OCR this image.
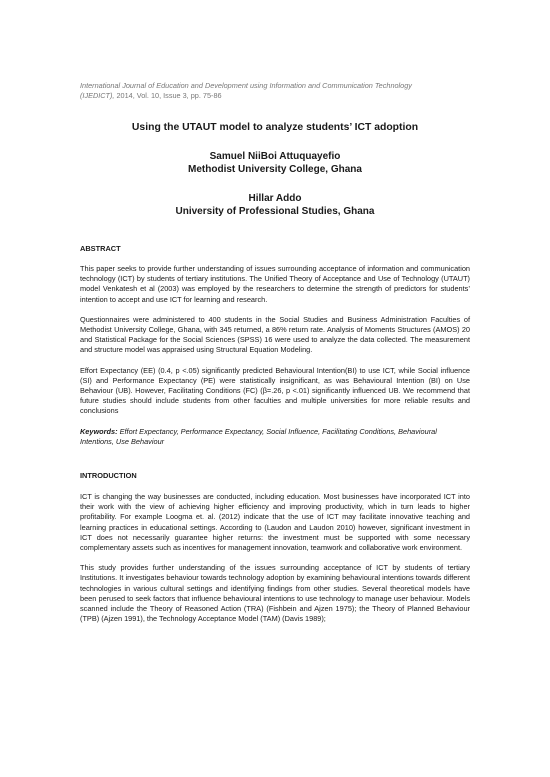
International Journal of Education and Development using Information and Communication Technology
(IJEDICT), 2014, Vol. 10, Issue 3, pp. 75-86

Using the UTAUT model to analyze students’ ICT adoption

Samuel NiiBoi Attuquayefio

Methodist University College, Ghana

Hillar Addo

University of Professional Studies, Ghana

ABSTRACT

This paper seeks to provide further understanding of issues surrounding acceptance of information and communication technology (ICT) by students of tertiary institutions. The Unified Theory of Acceptance and Use of Technology (UTAUT) model Venkatesh et al (2003) was employed by the researchers to determine the strength of predictors for students’ intention to accept and use ICT for learning and research.

Questionnaires were administered to 400 students in the Social Studies and Business Administration Faculties of Methodist University College, Ghana, with 345 returned, a 86% return rate. Analysis of Moments Structures (AMOS) 20 and Statistical Package for the Social Sciences (SPSS) 16 were used to analyze the data collected. The measurement and structure model was appraised using Structural Equation Modeling.

Effort Expectancy (EE) (0.4, p <.05) significantly predicted Behavioural Intention(BI) to use ICT, while Social influence (SI) and Performance Expectancy (PE) were statistically insignificant, as was Behavioural Intention (BI) on Use Behaviour (UB). However, Facilitating Conditions (FC) (β=.26, p <.01) significantly influenced UB. We recommend that future studies should include students from other faculties and multiple universities for more reliable results and conclusions

Keywords: Effort Expectancy, Performance Expectancy, Social Influence, Facilitating Conditions, Behavioural Intentions, Use Behaviour

INTRODUCTION

ICT is changing the way businesses are conducted, including education. Most businesses have incorporated ICT into their work with the view of achieving higher efficiency and improving productivity, which in turn leads to higher profitability. For example Loogma et. al. (2012) indicate that the use of ICT may facilitate innovative teaching and learning practices in educational settings. According to (Laudon and Laudon 2010) however, significant investment in ICT does not necessarily guarantee higher returns: the investment must be supported with some necessary complementary assets such as incentives for management innovation, teamwork and collaborative work environment.

This study provides further understanding of the issues surrounding acceptance of ICT by students of tertiary Institutions. It investigates behaviour towards technology adoption by examining behavioural intentions towards different technologies in various cultural settings and identifying findings from other studies. Several theoretical models have been perused to seek factors that influence behavioural intentions to use technology to manage user behaviour. Models scanned include the Theory of Reasoned Action (TRA) (Fishbein and Ajzen 1975); the Theory of Planned Behaviour (TPB) (Ajzen 1991), the Technology Acceptance Model (TAM) (Davis 1989);
